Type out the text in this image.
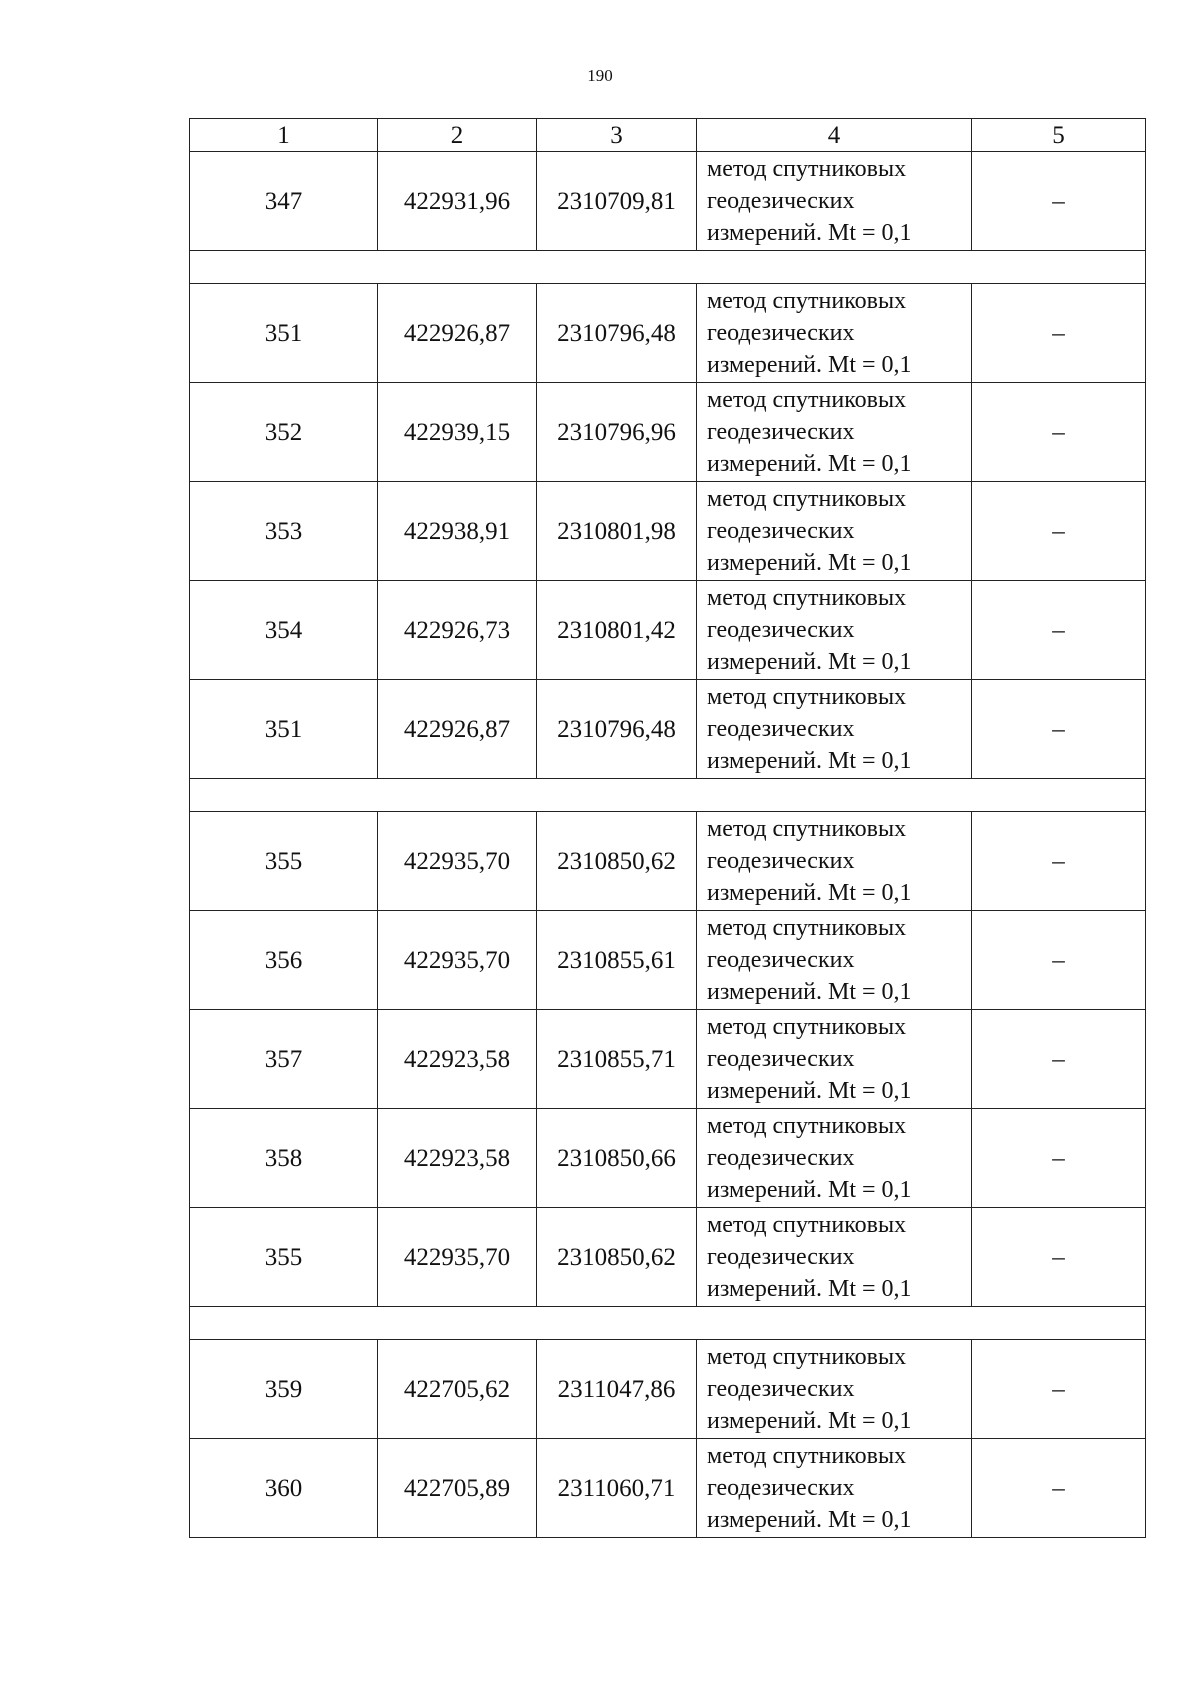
190
1	2	3	4	5
347	422931,96	2310709,81	метод спутниковых
геодезических
измерений. Mt = 0,1	–

351	422926,87	2310796,48	метод спутниковых
геодезических
измерений. Mt = 0,1	–
352	422939,15	2310796,96	метод спутниковых
геодезических
измерений. Mt = 0,1	–
353	422938,91	2310801,98	метод спутниковых
геодезических
измерений. Mt = 0,1	–
354	422926,73	2310801,42	метод спутниковых
геодезических
измерений. Mt = 0,1	–
351	422926,87	2310796,48	метод спутниковых
геодезических
измерений. Mt = 0,1	–

355	422935,70	2310850,62	метод спутниковых
геодезических
измерений. Mt = 0,1	–
356	422935,70	2310855,61	метод спутниковых
геодезических
измерений. Mt = 0,1	–
357	422923,58	2310855,71	метод спутниковых
геодезических
измерений. Mt = 0,1	–
358	422923,58	2310850,66	метод спутниковых
геодезических
измерений. Mt = 0,1	–
355	422935,70	2310850,62	метод спутниковых
геодезических
измерений. Mt = 0,1	–

359	422705,62	2311047,86	метод спутниковых
геодезических
измерений. Mt = 0,1	–
360	422705,89	2311060,71	метод спутниковых
геодезических
измерений. Mt = 0,1	–
